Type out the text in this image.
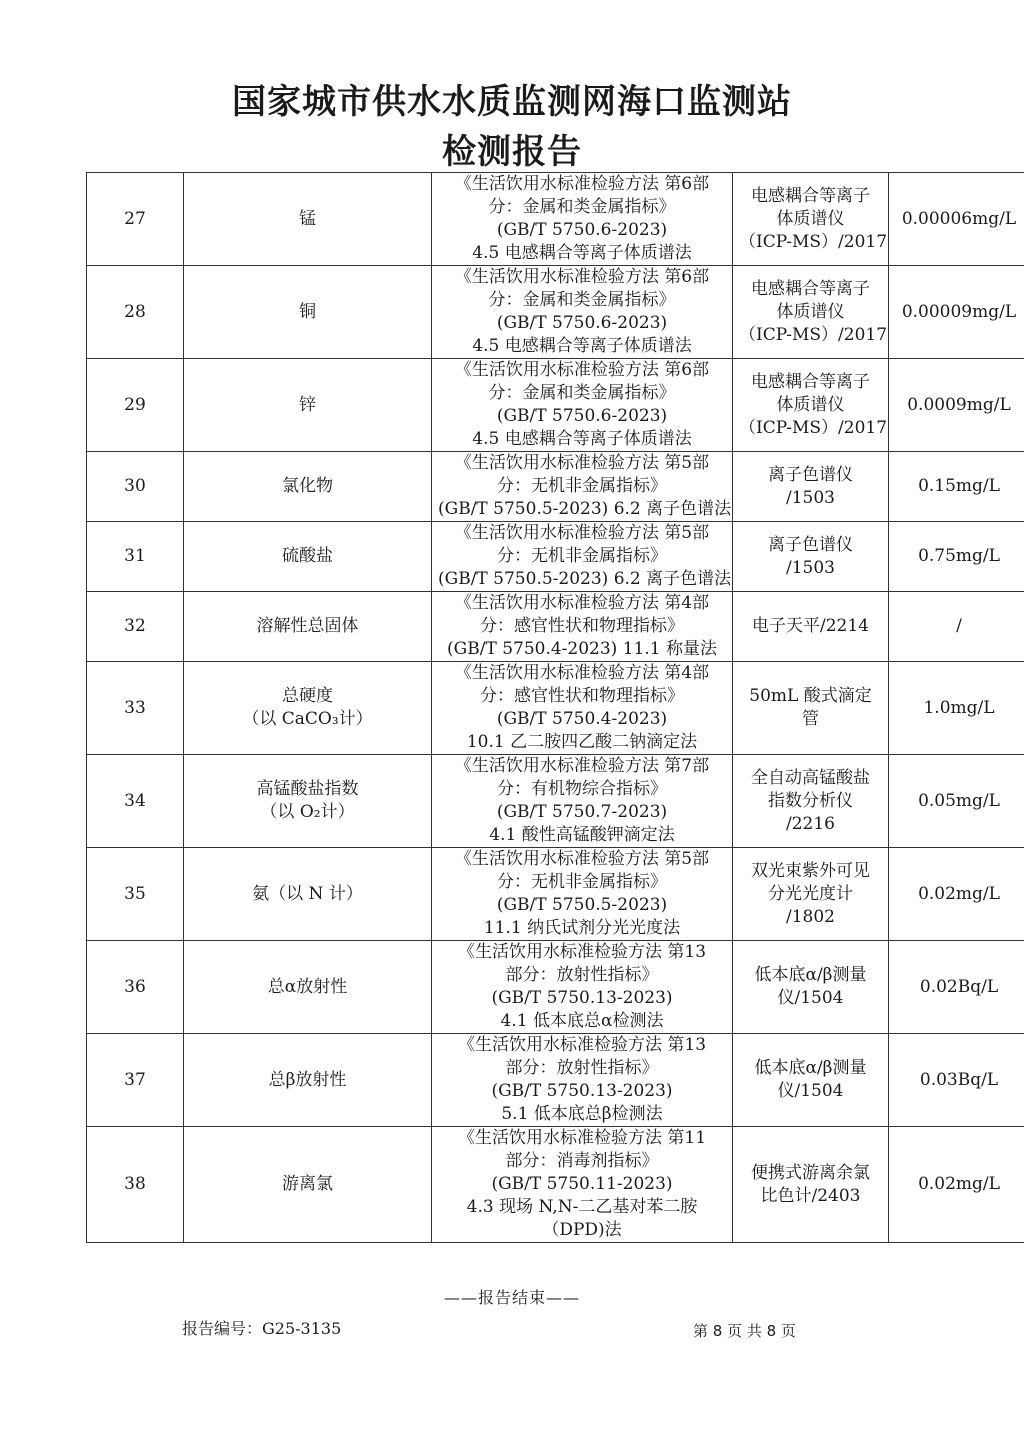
国家城市供水水质监测网海口监测站
检测报告
27	锰	《生活饮用水标准检验方法 第6部
分：金属和类金属指标》
(GB/T 5750.6-2023)
4.5 电感耦合等离子体质谱法	电感耦合等离子
体质谱仪
（ICP-MS）/2017	0.00006mg/L
28	铜	《生活饮用水标准检验方法 第6部
分：金属和类金属指标》
(GB/T 5750.6-2023)
4.5 电感耦合等离子体质谱法	电感耦合等离子
体质谱仪
（ICP-MS）/2017	0.00009mg/L
29	锌	《生活饮用水标准检验方法 第6部
分：金属和类金属指标》
(GB/T 5750.6-2023)
4.5 电感耦合等离子体质谱法	电感耦合等离子
体质谱仪
（ICP-MS）/2017	0.0009mg/L
30	氯化物	《生活饮用水标准检验方法 第5部
分：无机非金属指标》
(GB/T 5750.5-2023) 6.2 离子色谱法	离子色谱仪
/1503	0.15mg/L
31	硫酸盐	《生活饮用水标准检验方法 第5部
分：无机非金属指标》
(GB/T 5750.5-2023) 6.2 离子色谱法	离子色谱仪
/1503	0.75mg/L
32	溶解性总固体	《生活饮用水标准检验方法 第4部
分：感官性状和物理指标》
(GB/T 5750.4-2023) 11.1 称量法	电子天平/2214	/
33	总硬度
（以 CaCO₃计）	《生活饮用水标准检验方法 第4部
分：感官性状和物理指标》
(GB/T 5750.4-2023)
10.1 乙二胺四乙酸二钠滴定法	50mL 酸式滴定
管	1.0mg/L
34	高锰酸盐指数
（以 O₂计）	《生活饮用水标准检验方法 第7部
分：有机物综合指标》
(GB/T 5750.7-2023)
4.1 酸性高锰酸钾滴定法	全自动高锰酸盐
指数分析仪
/2216	0.05mg/L
35	氨（以 N 计）	《生活饮用水标准检验方法 第5部
分：无机非金属指标》
(GB/T 5750.5-2023)
11.1 纳氏试剂分光光度法	双光束紫外可见
分光光度计
/1802	0.02mg/L
36	总α放射性	《生活饮用水标准检验方法 第13
部分：放射性指标》
(GB/T 5750.13-2023)
4.1 低本底总α检测法	低本底α/β测量
仪/1504	0.02Bq/L
37	总β放射性	《生活饮用水标准检验方法 第13
部分：放射性指标》
(GB/T 5750.13-2023)
5.1 低本底总β检测法	低本底α/β测量
仪/1504	0.03Bq/L
38	游离氯	《生活饮用水标准检验方法 第11
部分：消毒剂指标》
(GB/T 5750.11-2023)
4.3 现场 N,N-二乙基对苯二胺
（DPD)法	便携式游离余氯
比色计/2403	0.02mg/L
——报告结束——
报告编号：G25-3135	第 8 页 共 8 页
